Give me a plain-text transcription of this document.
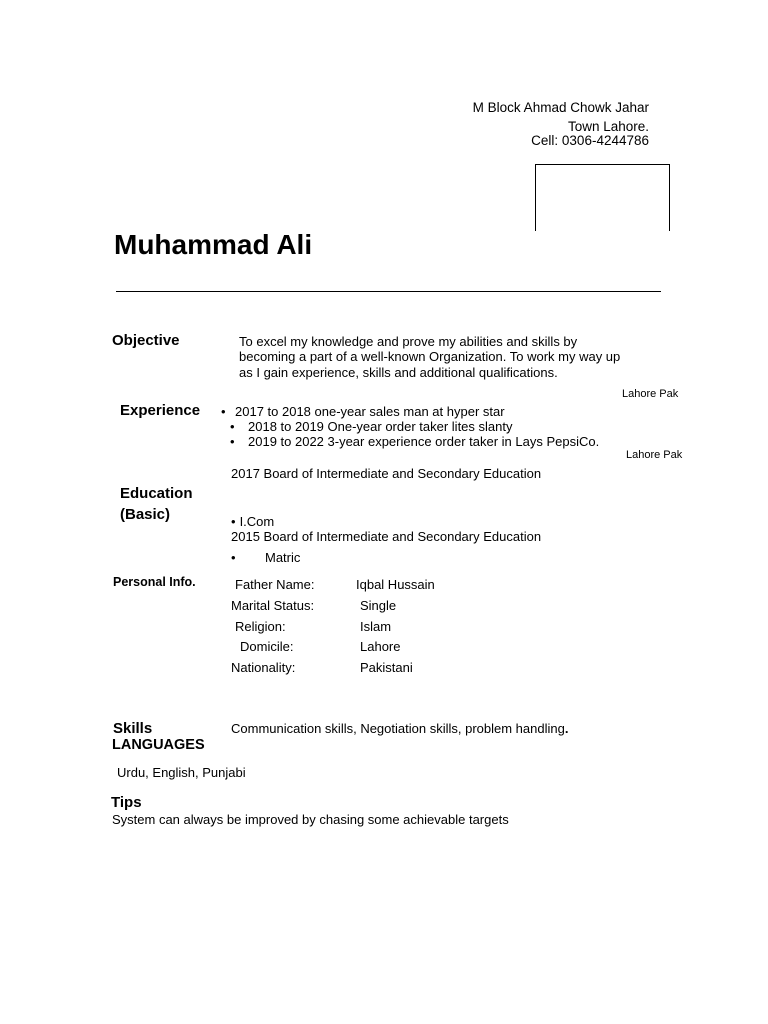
M Block Ahmad Chowk Jahar
Town Lahore.
Cell: 0306-4244786
Muhammad Ali
Objective	To excel my knowledge and prove my abilities and skills by
becoming a part of a well-known Organization. To work my way up
as I gain experience, skills and additional qualifications.
Lahore Pak
Experience • 2017 to 2018 one-year sales man at hyper star
• 2018 to 2019 One-year order taker lites slanty
• 2019 to 2022 3-year experience order taker in Lays PepsiCo.
Lahore Pak
2017 Board of Intermediate and Secondary Education
Education
(Basic)	• I.Com
2015 Board of Intermediate and Secondary Education
• Matric
Personal Info.	Father Name:	Iqbal Hussain
Marital Status:	Single
Religion:	Islam
Domicile:	Lahore
Nationality:	Pakistani
Skills	Communication skills, Negotiation skills, problem handling.
LANGUAGES
Urdu, English, Punjabi
Tips
System can always be improved by chasing some achievable targets
